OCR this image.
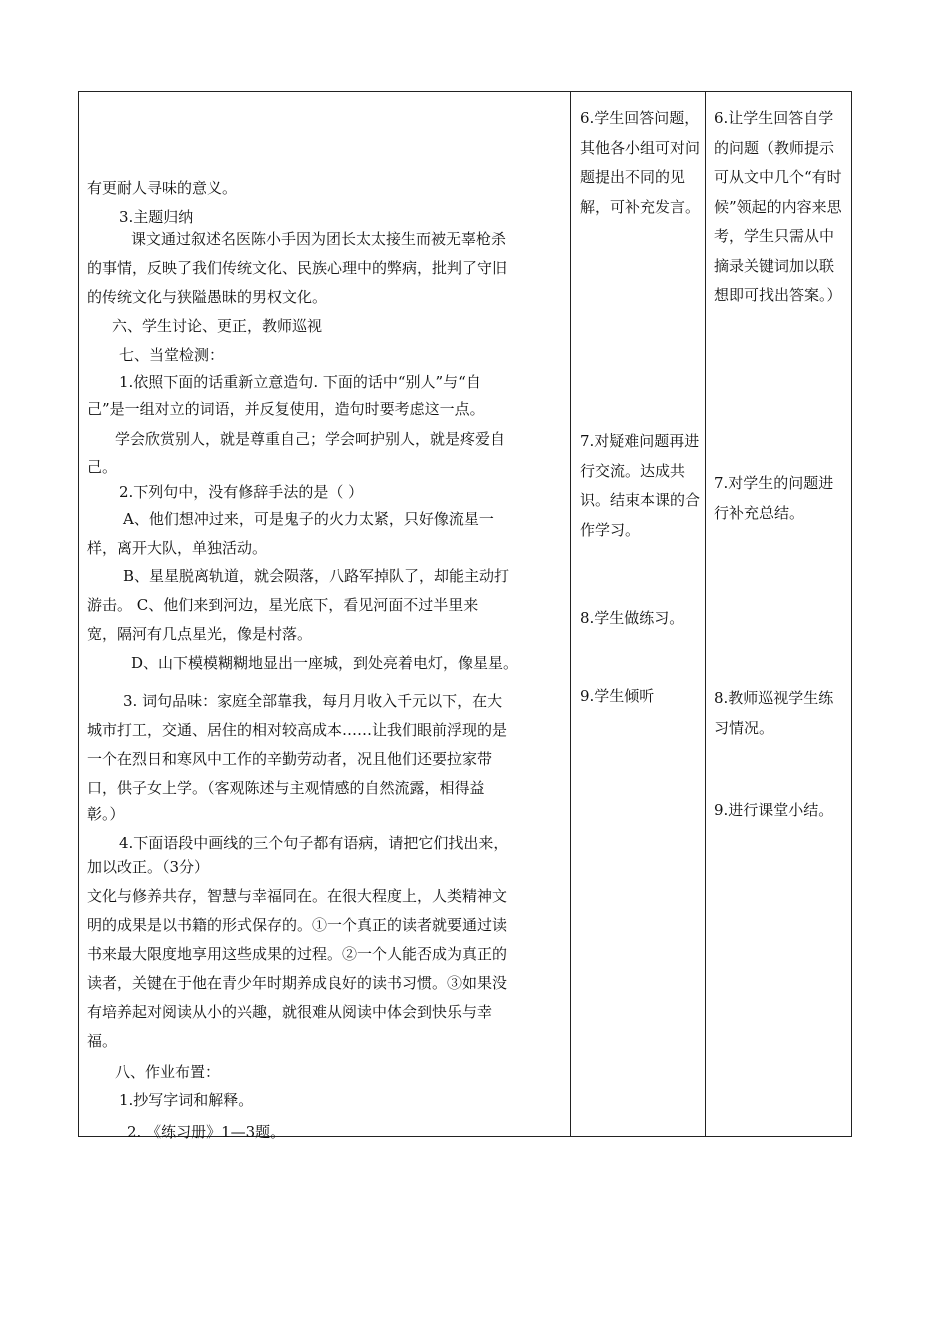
有更耐人寻味的意义。
3.主题归纳
课文通过叙述名医陈小手因为团长太太接生而被无辜枪杀
的事情，反映了我们传统文化、民族心理中的弊病，批判了守旧
的传统文化与狭隘愚昧的男权文化。
六、学生讨论、更正，教师巡视
七、当堂检测：
1.依照下面的话重新立意造句. 下面的话中“别人”与“自
己”是一组对立的词语，并反复使用，造句时要考虑这一点。
学会欣赏别人，就是尊重自己；学会呵护别人，就是疼爱自
己。
2.下列句中，没有修辞手法的是（ ）
A、他们想冲过来，可是鬼子的火力太紧，只好像流星一
样，离开大队，单独活动。
B、星星脱离轨道，就会陨落，八路军掉队了，却能主动打
游击。 C、他们来到河边，星光底下，看见河面不过半里来
宽，隔河有几点星光，像是村落。
D、山下模模糊糊地显出一座城，到处亮着电灯，像星星。
3. 词句品味：家庭全部靠我，每月月收入千元以下，在大
城市打工，交通、居住的相对较高成本……让我们眼前浮现的是
一个在烈日和寒风中工作的辛勤劳动者，况且他们还要拉家带
口，供子女上学。（客观陈述与主观情感的自然流露，相得益
彰。）
4.下面语段中画线的三个句子都有语病，请把它们找出来，
加以改正。（3分）
文化与修养共存，智慧与幸福同在。在很大程度上，人类精神文
明的成果是以书籍的形式保存的。①一个真正的读者就要通过读
书来最大限度地享用这些成果的过程。②一个人能否成为真正的
读者，关键在于他在青少年时期养成良好的读书习惯。③如果没
有培养起对阅读从小的兴趣，就很难从阅读中体会到快乐与幸
福。
八、作业布置：
1.抄写字词和解释。
2. 《练习册》1—3题。
6.学生回答问题，其他各小组可对问题提出不同的见解，可补充发言。
7.对疑难问题再进行交流。达成共识。结束本课的合作学习。
8.学生做练习。
9.学生倾听
6.让学生回答自学的问题（教师提示可从文中几个“有时候”领起的内容来思考，学生只需从中摘录关键词加以联想即可找出答案。）
7.对学生的问题进行补充总结。
8.教师巡视学生练习情况。
9.进行课堂小结。
